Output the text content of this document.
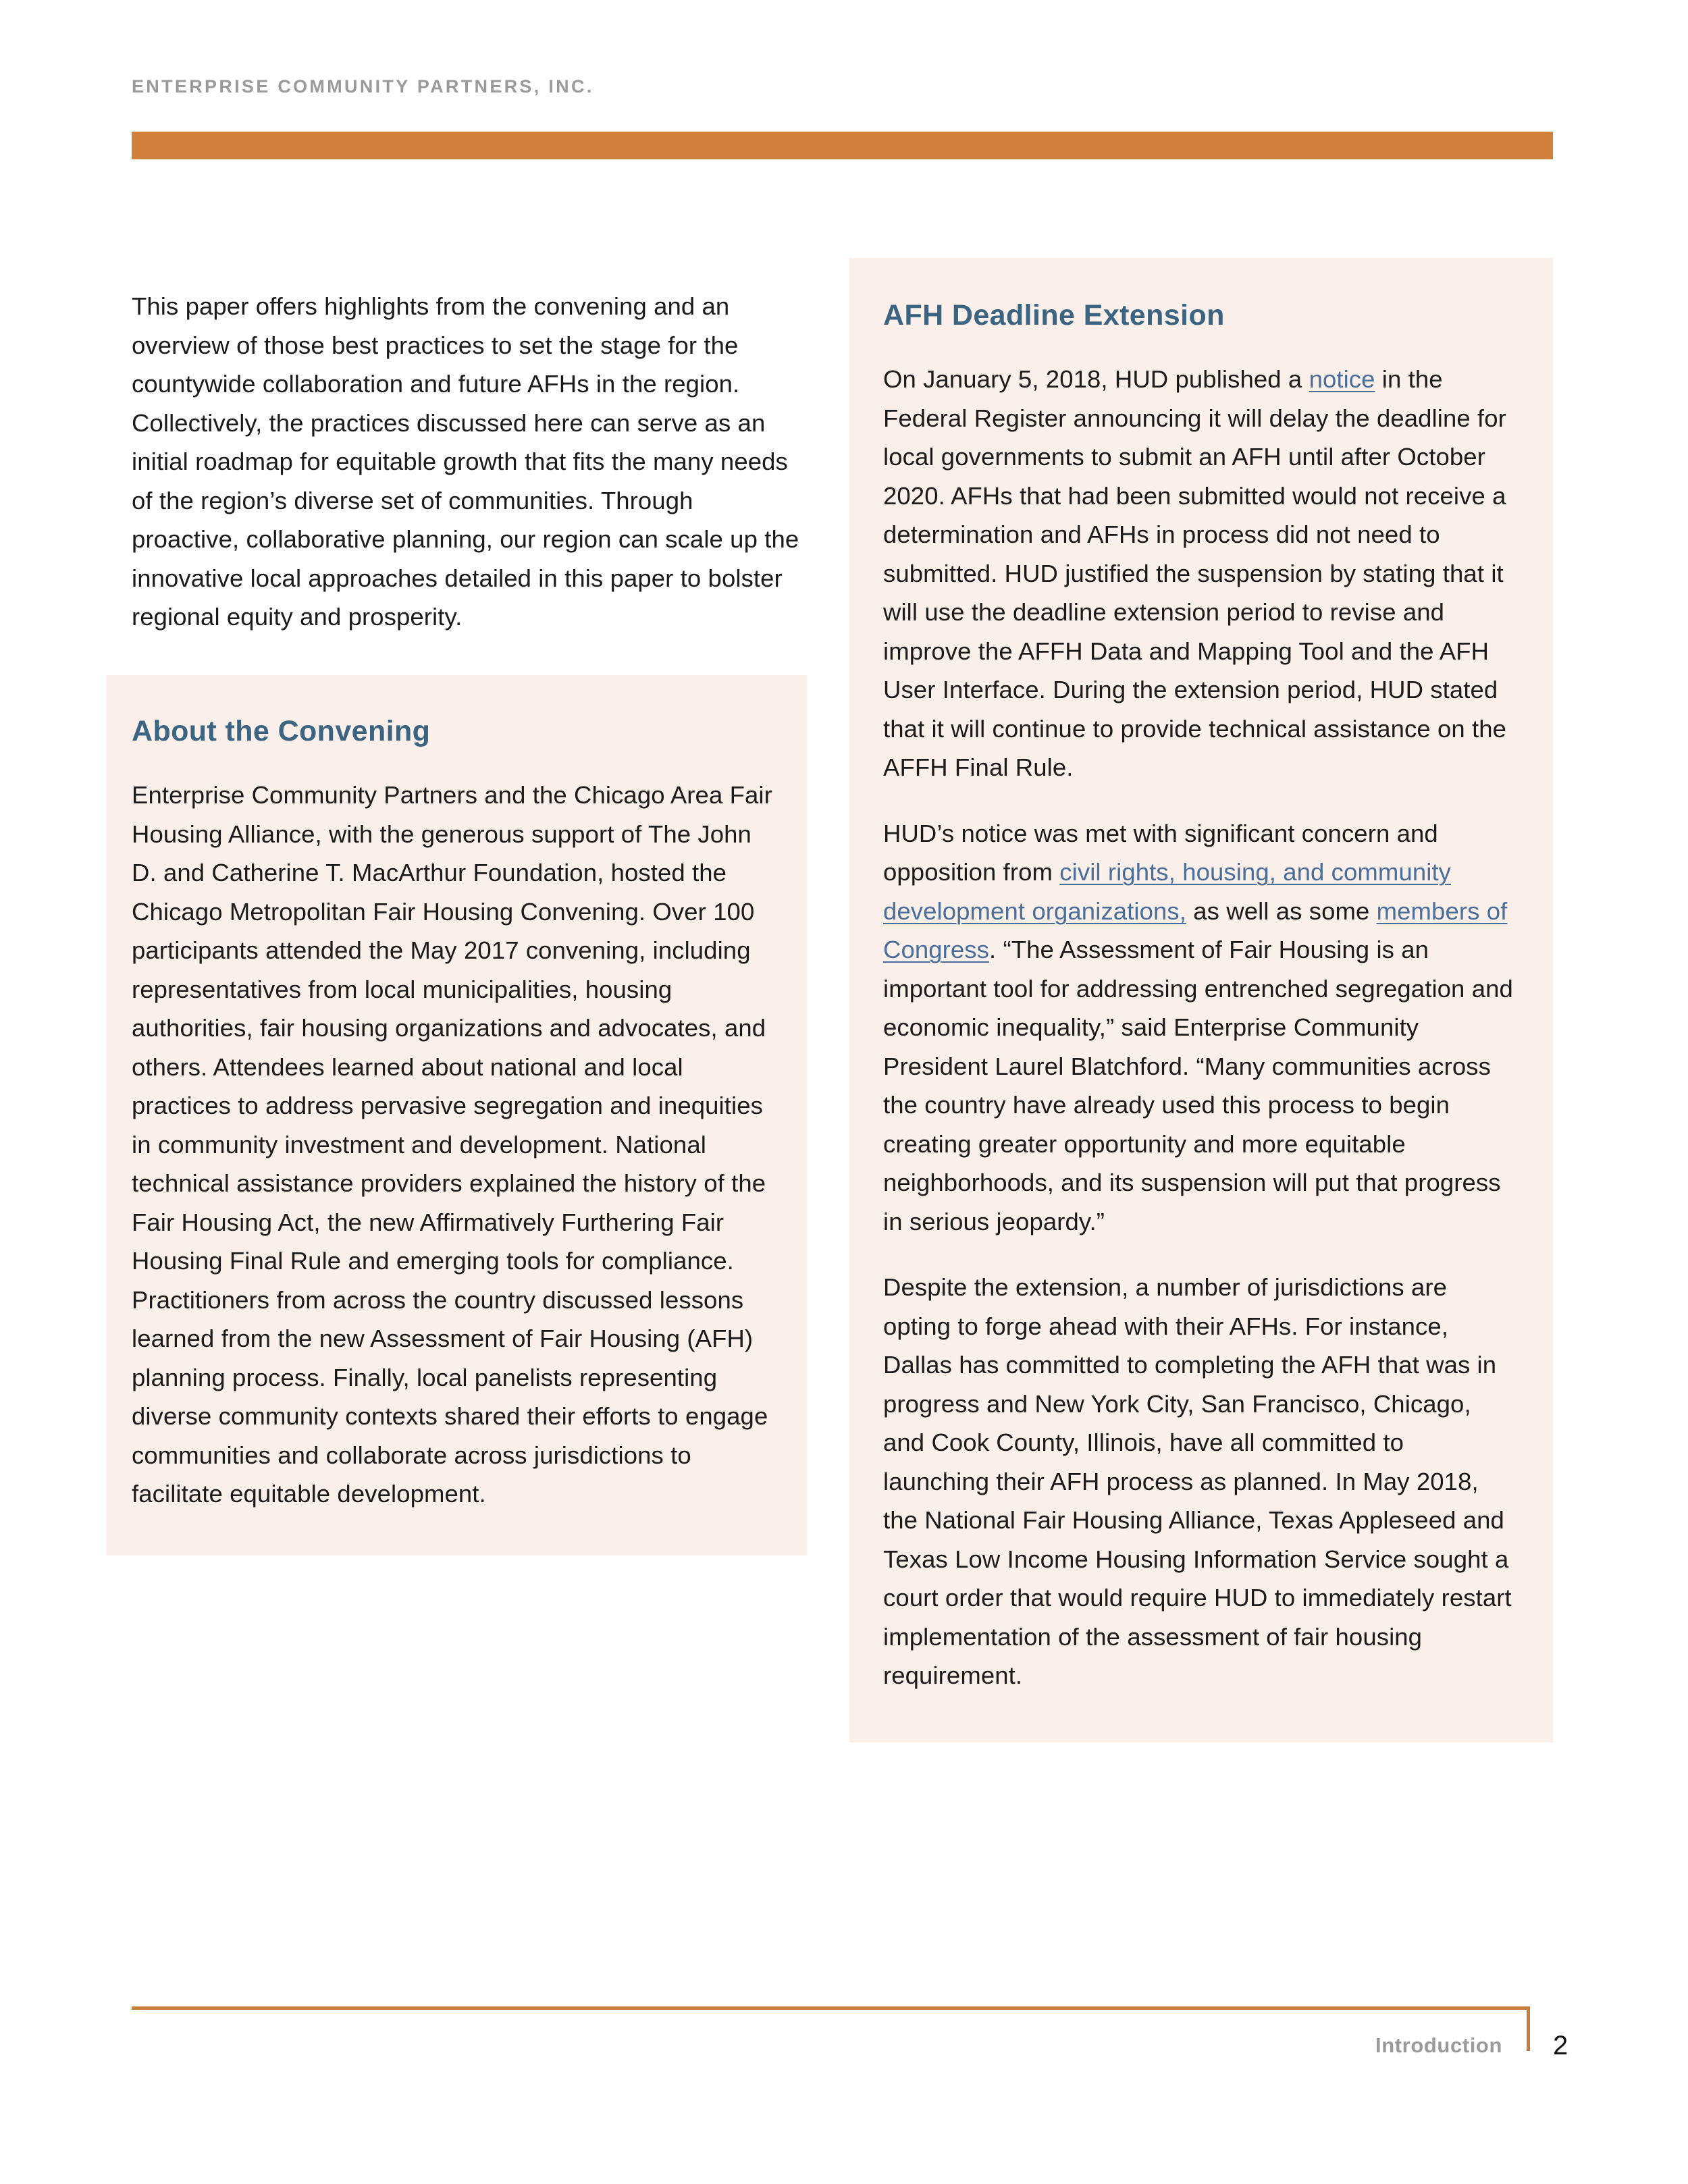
ENTERPRISE COMMUNITY PARTNERS, INC.

This paper offers highlights from the convening and an overview of those best practices to set the stage for the countywide collaboration and future AFHs in the region. Collectively, the practices discussed here can serve as an initial roadmap for equitable growth that fits the many needs of the region’s diverse set of communities. Through proactive, collaborative planning, our region can scale up the innovative local approaches detailed in this paper to bolster regional equity and prosperity.

About the Convening

Enterprise Community Partners and the Chicago Area Fair Housing Alliance, with the generous support of The John D. and Catherine T. MacArthur Foundation, hosted the Chicago Metropolitan Fair Housing Convening. Over 100 participants attended the May 2017 convening, including representatives from local municipalities, housing authorities, fair housing organizations and advocates, and others. Attendees learned about national and local practices to address pervasive segregation and inequities in community investment and development. National technical assistance providers explained the history of the Fair Housing Act, the new Affirmatively Furthering Fair Housing Final Rule and emerging tools for compliance. Practitioners from across the country discussed lessons learned from the new Assessment of Fair Housing (AFH) planning process. Finally, local panelists representing diverse community contexts shared their efforts to engage communities and collaborate across jurisdictions to facilitate equitable development.

AFH Deadline Extension

On January 5, 2018, HUD published a notice in the Federal Register announcing it will delay the deadline for local governments to submit an AFH until after October 2020. AFHs that had been submitted would not receive a determination and AFHs in process did not need to submitted. HUD justified the suspension by stating that it will use the deadline extension period to revise and improve the AFFH Data and Mapping Tool and the AFH User Interface. During the extension period, HUD stated that it will continue to provide technical assistance on the AFFH Final Rule.

HUD’s notice was met with significant concern and opposition from civil rights, housing, and community development organizations, as well as some members of Congress. “The Assessment of Fair Housing is an important tool for addressing entrenched segregation and economic inequality,” said Enterprise Community President Laurel Blatchford. “Many communities across the country have already used this process to begin creating greater opportunity and more equitable neighborhoods, and its suspension will put that progress in serious jeopardy.”

Despite the extension, a number of jurisdictions are opting to forge ahead with their AFHs. For instance, Dallas has committed to completing the AFH that was in progress and New York City, San Francisco, Chicago, and Cook County, Illinois, have all committed to launching their AFH process as planned. In May 2018, the National Fair Housing Alliance, Texas Appleseed and Texas Low Income Housing Information Service sought a court order that would require HUD to immediately restart implementation of the assessment of fair housing requirement.

Introduction 2
